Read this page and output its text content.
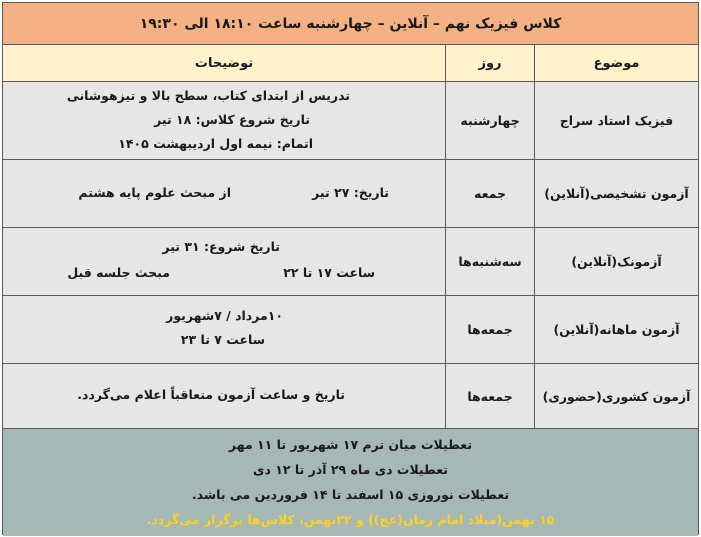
کلاس فیزیک نهم – آنلاین – چهارشنبه ساعت ۱۸:۱۰ الی ۱۹:۳۰
موضوع
روز
توضیحات
فیزیک استاد سراج
چهارشنبه
تدریس از ابتدای کتاب، سطح بالا و تیزهوشانی
تاریخ شروع کلاس: ۱۸ تیر
اتمام: نیمه اول اردیبهشت ۱۴۰۵
آزمون تشخیصی(آنلاین)
جمعه
تاریخ: ۲۷ تیر
از مبحث علوم پایه هشتم
آزمونک(آنلاین)
سه‌شنبه‌ها
تاریخ شروع: ۳۱ تیر
ساعت ۱۷ تا ۲۲
مبحث جلسه قبل
آزمون ماهانه(آنلاین)
جمعه‌ها
۱۰مرداد / ۷شهریور
ساعت ۷ تا ۲۳
آزمون کشوری(حضوری)
جمعه‌ها
تاریخ و ساعت آزمون متعاقباً اعلام می‌گردد.
تعطیلات میان ترم ۱۷ شهریور تا ۱۱ مهر
تعطیلات دی ماه ۲۹ آذر تا ۱۲ دی
تعطیلات نوروزی ۱۵ اسفند تا ۱۴ فروردین می باشد.
۱۵ بهمن(میلاد امام زمان(عج)) و ۲۲بهمن، کلاس‌ها برگزار می‌گردد.
